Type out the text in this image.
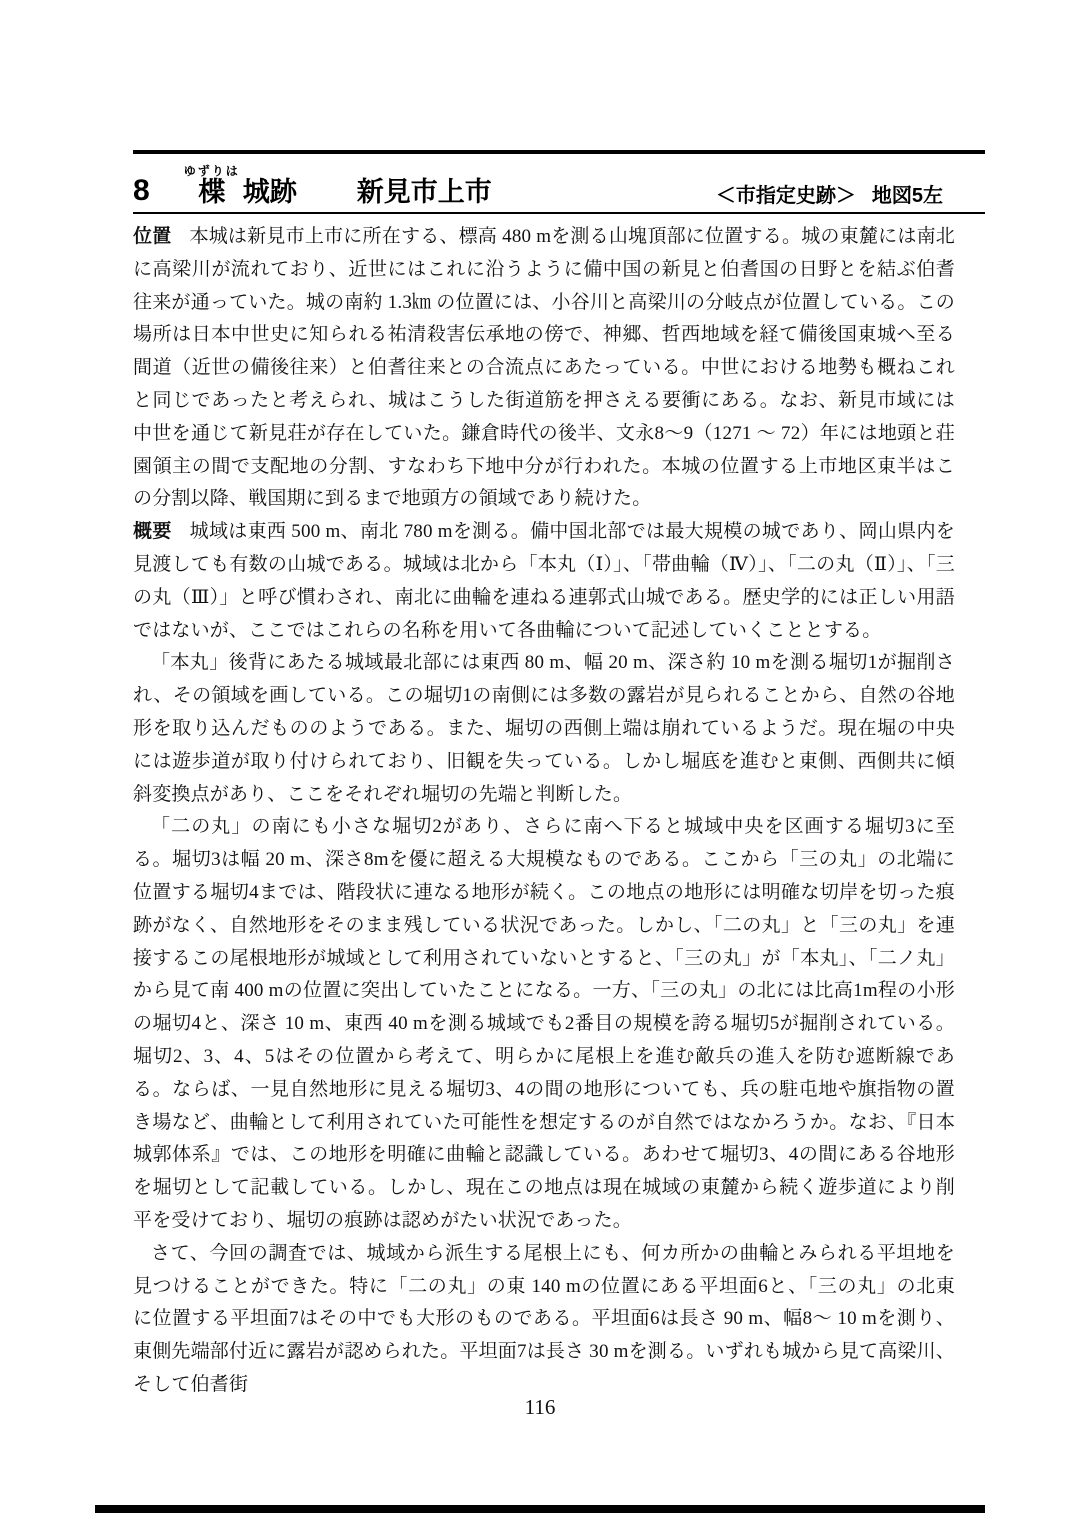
8 楪ゆずりは
城跡 新見市上市	＜市指定史跡＞ 地図5左

位置 本城は新見市上市に所在する、標高 480 mを測る山塊頂部に位置する。城の東麓には南北に高梁川が流れており、近世にはこれに沿うように備中国の新見と伯耆国の日野とを結ぶ伯耆往来が通っていた。城の南約 1.3㎞ の位置には、小谷川と高梁川の分岐点が位置している。この場所は日本中世史に知られる祐清殺害伝承地の傍で、神郷、哲西地域を経て備後国東城へ至る間道（近世の備後往来）と伯耆往来との合流点にあたっている。中世における地勢も概ねこれと同じであったと考えられ、城はこうした街道筋を押さえる要衝にある。なお、新見市域には中世を通じて新見荘が存在していた。鎌倉時代の後半、文永8～9（1271 ～ 72）年には地頭と荘園領主の間で支配地の分割、すなわち下地中分が行われた。本城の位置する上市地区東半はこの分割以降、戦国期に到るまで地頭方の領域であり続けた。

概要 城域は東西 500 m、南北 780 mを測る。備中国北部では最大規模の城であり、岡山県内を見渡しても有数の山城である。城域は北から「本丸（Ⅰ）」、「帯曲輪（Ⅳ）」、「二の丸（Ⅱ）」、「三の丸（Ⅲ）」と呼び慣わされ、南北に曲輪を連ねる連郭式山城である。歴史学的には正しい用語ではないが、ここではこれらの名称を用いて各曲輪について記述していくこととする。

「本丸」後背にあたる城域最北部には東西 80 m、幅 20 m、深さ約 10 mを測る堀切1が掘削され、その領域を画している。この堀切1の南側には多数の露岩が見られることから、自然の谷地形を取り込んだもののようである。また、堀切の西側上端は崩れているようだ。現在堀の中央には遊歩道が取り付けられており、旧観を失っている。しかし堀底を進むと東側、西側共に傾斜変換点があり、ここをそれぞれ堀切の先端と判断した。

「二の丸」の南にも小さな堀切2があり、さらに南へ下ると城域中央を区画する堀切3に至る。堀切3は幅 20 m、深さ8mを優に超える大規模なものである。ここから「三の丸」の北端に位置する堀切4までは、階段状に連なる地形が続く。この地点の地形には明確な切岸を切った痕跡がなく、自然地形をそのまま残している状況であった。しかし、「二の丸」と「三の丸」を連接するこの尾根地形が城域として利用されていないとすると、「三の丸」が「本丸」、「二ノ丸」から見て南 400 mの位置に突出していたことになる。一方、「三の丸」の北には比高1m程の小形の堀切4と、深さ 10 m、東西 40 mを測る城域でも2番目の規模を誇る堀切5が掘削されている。堀切2、3、4、5はその位置から考えて、明らかに尾根上を進む敵兵の進入を防む遮断線である。ならば、一見自然地形に見える堀切3、4の間の地形についても、兵の駐屯地や旗指物の置き場など、曲輪として利用されていた可能性を想定するのが自然ではなかろうか。なお、『日本城郭体系』では、この地形を明確に曲輪と認識している。あわせて堀切3、4の間にある谷地形を堀切として記載している。しかし、現在この地点は現在城域の東麓から続く遊歩道により削平を受けており、堀切の痕跡は認めがたい状況であった。

さて、今回の調査では、城域から派生する尾根上にも、何カ所かの曲輪とみられる平坦地を見つけることができた。特に「二の丸」の東 140 mの位置にある平坦面6と、「三の丸」の北東に位置する平坦面7はその中でも大形のものである。平坦面6は長さ 90 m、幅8～ 10 mを測り、東側先端部付近に露岩が認められた。平坦面7は長さ 30 mを測る。いずれも城から見て高梁川、そして伯耆街

116
